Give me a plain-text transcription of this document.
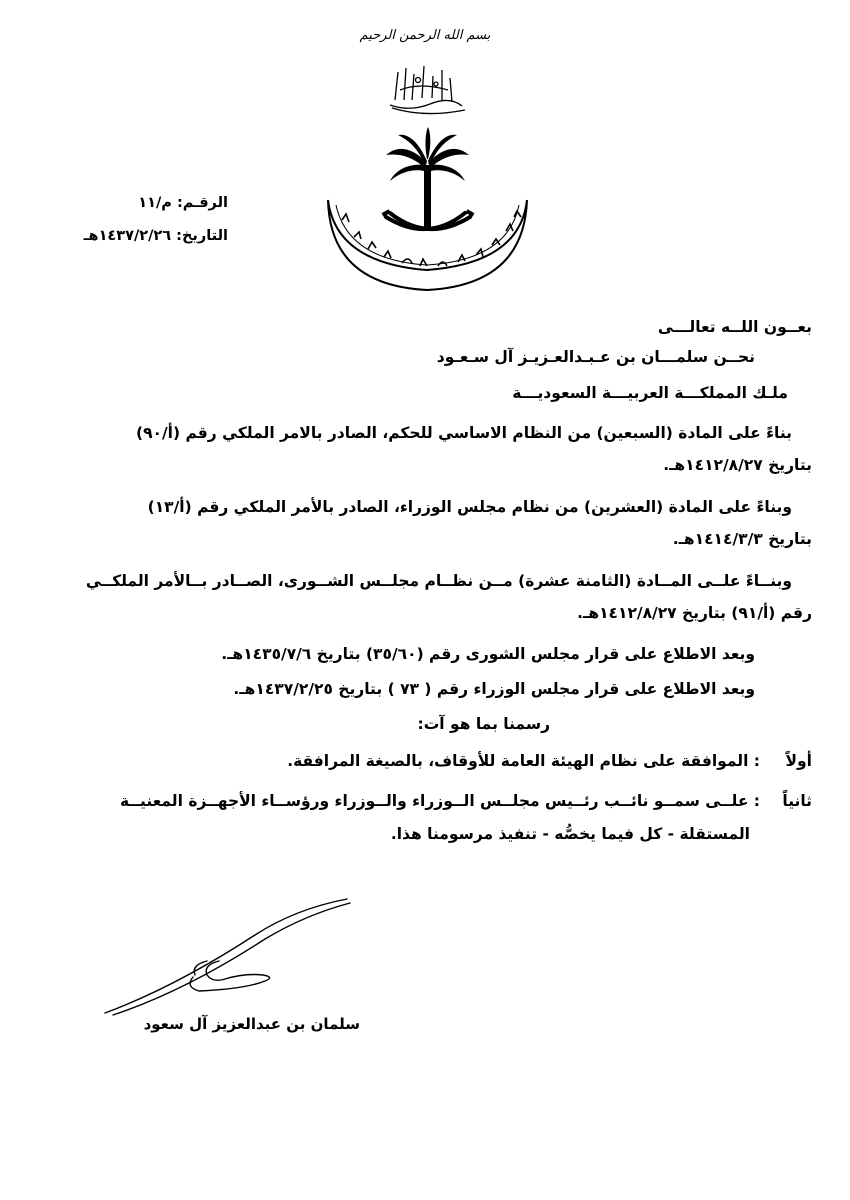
بسم الله الرحمن الرحيم
الرقـم: م/١١
التاريخ: ١٤٣٧/٢/٢٦هـ
بعــون اللــه تعالـــى
نحــن سلمـــان بن عـبـدالعـزيـز آل سـعـود
ملـك المملكـــة العربيـــة السعوديـــة
بناءً على المادة (السبعين) من النظام الاساسي للحكم، الصادر بالامر الملكي رقم (أ/٩٠)
بتاريخ ١٤١٢/٨/٢٧هـ.
وبناءً على المادة (العشرين) من نظام مجلس الوزراء، الصادر بالأمر الملكي رقم (أ/١٣)
بتاريخ ١٤١٤/٣/٣هـ.
وبنــاءً علــى المــادة (الثامنة عشرة) مــن نظــام مجلــس الشــورى، الصــادر بــالأمر الملكــي
رقم (أ/٩١) بتاريخ ١٤١٢/٨/٢٧هـ.
وبعد الاطلاع على قرار مجلس الشورى رقم (٣٥/٦٠) بتاريخ ١٤٣٥/٧/٦هـ.
وبعد الاطلاع على قرار مجلس الوزراء رقم ( ٧٣ ) بتاريخ ١٤٣٧/٢/٢٥هـ.
رسمنا بما هو آت:
أولاً
: الموافقة على نظام الهيئة العامة للأوقاف، بالصيغة المرافقة.
ثانياً
: علــى سمــو نائــب رئــيس مجلــس الــوزراء والــوزراء ورؤســاء الأجهــزة المعنيــة
المستقلة - كل فيما يخصُّه - تنفيذ مرسومنا هذا.
سلمان بن عبدالعزيز آل سعود
